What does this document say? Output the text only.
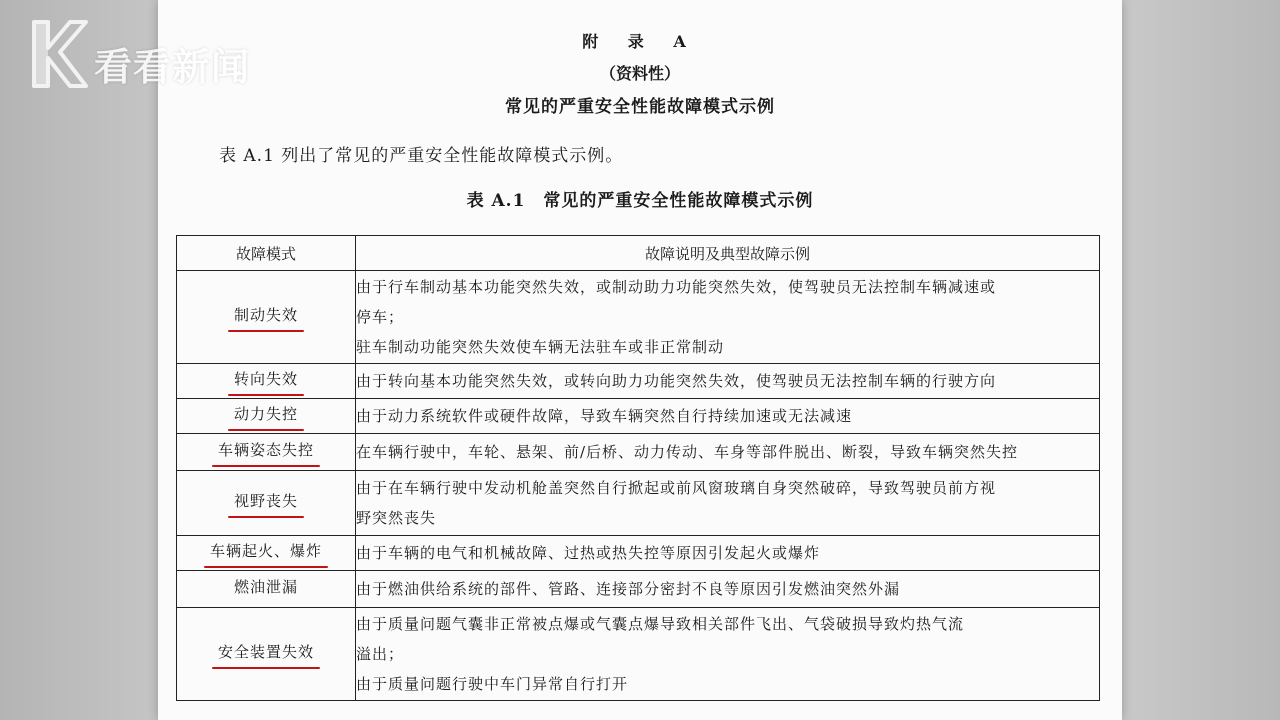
看看新闻
附 录 A
（资料性）
常见的严重安全性能故障模式示例
表 A.1 列出了常见的严重安全性能故障模式示例。
表 A.1　常见的严重安全性能故障模式示例
故障模式	故障说明及典型故障示例
制动失效	由于行车制动基本功能突然失效，或制动助力功能突然失效，使驾驶员无法控制车辆减速或
停车；
驻车制动功能突然失效使车辆无法驻车或非正常制动

转向失效	由于转向基本功能突然失效，或转向助力功能突然失效，使驾驶员无法控制车辆的行驶方向

动力失控	由于动力系统软件或硬件故障，导致车辆突然自行持续加速或无法减速

车辆姿态失控	在车辆行驶中，车轮、悬架、前/后桥、动力传动、车身等部件脱出、断裂，导致车辆突然失控

视野丧失	由于在车辆行驶中发动机舱盖突然自行掀起或前风窗玻璃自身突然破碎，导致驾驶员前方视
野突然丧失

车辆起火、爆炸	由于车辆的电气和机械故障、过热或热失控等原因引发起火或爆炸

燃油泄漏	由于燃油供给系统的部件、管路、连接部分密封不良等原因引发燃油突然外漏

安全装置失效	由于质量问题气囊非正常被点爆或气囊点爆导致相关部件飞出、气袋破损导致灼热气流
溢出；
由于质量问题行驶中车门异常自行打开
